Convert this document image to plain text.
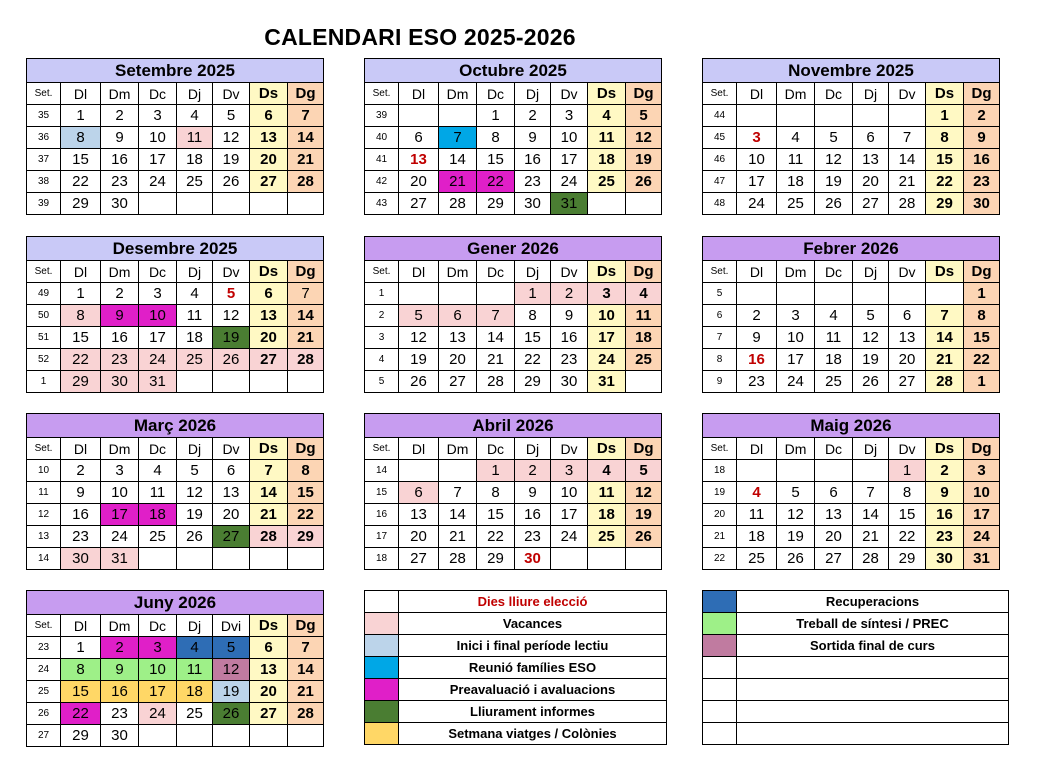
CALENDARI ESO 2025-2026
Setembre 2025							
Set.	Dl	Dm	Dc	Dj	Dv	Ds	Dg
35	1	2	3	4	5	6	7
36	8	9	10	11	12	13	14
37	15	16	17	18	19	20	21
38	22	23	24	25	26	27	28
39	29	30					
Octubre 2025							
Set.	Dl	Dm	Dc	Dj	Dv	Ds	Dg
39			1	2	3	4	5
40	6	7	8	9	10	11	12
41	13	14	15	16	17	18	19
42	20	21	22	23	24	25	26
43	27	28	29	30	31		
Novembre 2025							
Set.	Dl	Dm	Dc	Dj	Dv	Ds	Dg
44						1	2
45	3	4	5	6	7	8	9
46	10	11	12	13	14	15	16
47	17	18	19	20	21	22	23
48	24	25	26	27	28	29	30
Desembre 2025							
Set.	Dl	Dm	Dc	Dj	Dv	Ds	Dg
49	1	2	3	4	5	6	7
50	8	9	10	11	12	13	14
51	15	16	17	18	19	20	21
52	22	23	24	25	26	27	28
1	29	30	31				
Gener 2026							
Set.	Dl	Dm	Dc	Dj	Dv	Ds	Dg
1				1	2	3	4
2	5	6	7	8	9	10	11
3	12	13	14	15	16	17	18
4	19	20	21	22	23	24	25
5	26	27	28	29	30	31	
Febrer 2026							
Set.	Dl	Dm	Dc	Dj	Dv	Ds	Dg
5							1
6	2	3	4	5	6	7	8
7	9	10	11	12	13	14	15
8	16	17	18	19	20	21	22
9	23	24	25	26	27	28	1
Març 2026							
Set.	Dl	Dm	Dc	Dj	Dv	Ds	Dg
10	2	3	4	5	6	7	8
11	9	10	11	12	13	14	15
12	16	17	18	19	20	21	22
13	23	24	25	26	27	28	29
14	30	31					
Abril 2026							
Set.	Dl	Dm	Dc	Dj	Dv	Ds	Dg
14			1	2	3	4	5
15	6	7	8	9	10	11	12
16	13	14	15	16	17	18	19
17	20	21	22	23	24	25	26
18	27	28	29	30			
Maig 2026							
Set.	Dl	Dm	Dc	Dj	Dv	Ds	Dg
18					1	2	3
19	4	5	6	7	8	9	10
20	11	12	13	14	15	16	17
21	18	19	20	21	22	23	24
22	25	26	27	28	29	30	31
Juny 2026							
Set.	Dl	Dm	Dc	Dj	Dvi	Ds	Dg
23	1	2	3	4	5	6	7
24	8	9	10	11	12	13	14
25	15	16	17	18	19	20	21
26	22	23	24	25	26	27	28
27	29	30					
	Dies lliure elecció
	Vacances
	Inici i final període lectiu
	Reunió famílies ESO
	Preavaluació i avaluacions
	Lliurament informes
	Setmana viatges / Colònies
	Recuperacions
	Treball de síntesi / PREC
	Sortida final de curs
